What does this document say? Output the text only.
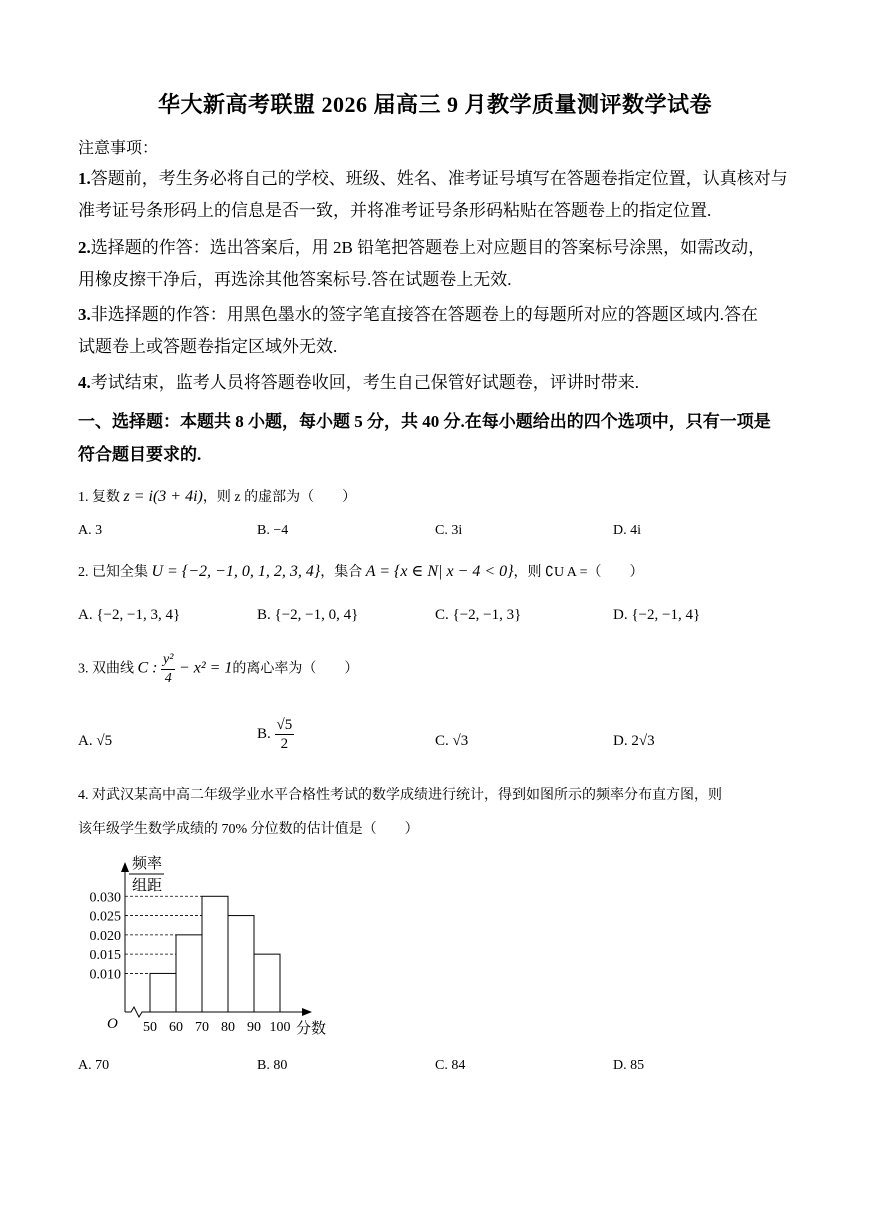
华大新高考联盟 2026 届高三 9 月教学质量测评数学试卷
注意事项：
1.答题前，考生务必将自己的学校、班级、姓名、准考证号填写在答题卷指定位置，认真核对与
准考证号条形码上的信息是否一致，并将准考证号条形码粘贴在答题卷上的指定位置.
2.选择题的作答：选出答案后，用 2B 铅笔把答题卷上对应题目的答案标号涂黑，如需改动，
用橡皮擦干净后，再选涂其他答案标号.答在试题卷上无效.
3.非选择题的作答：用黑色墨水的签字笔直接答在答题卷上的每题所对应的答题区域内.答在
试题卷上或答题卷指定区域外无效.
4.考试结束，监考人员将答题卷收回，考生自己保管好试题卷，评讲时带来.
一、选择题：本题共 8 小题，每小题 5 分，共 40 分.在每小题给出的四个选项中，只有一项是
符合题目要求的.
1. 复数 z = i(3 + 4i)，则 z 的虚部为（　　）
A. 3	B. −4	C. 3i	D. 4i
2. 已知全集 U = {−2, −1, 0, 1, 2, 3, 4}，集合 A = {x ∈ N| x − 4 < 0}，则 ∁U A =（　　）
A. {−2, −1, 3, 4}	B. {−2, −1, 0, 4}	C. {−2, −1, 3}	D. {−2, −1, 4}
3. 双曲线 C : $\frac{\text{y²}}{4} - x^2 = 1$的离心率为（　　）
A. √5	B. $\frac{√5}{2}$	C. √3	D. 2√3
4. 对武汉某高中高二年级学业水平合格性考试的数学成绩进行统计，得到如图所示的频率分布直方图，则
该年级学生数学成绩的 70% 分位数的估计值是（　　）
频率
组距
O	分数
0.030
0.025
0.020
0.015
0.010
50 60 70 80 90 100
A. 70	B. 80	C. 84	D. 85
